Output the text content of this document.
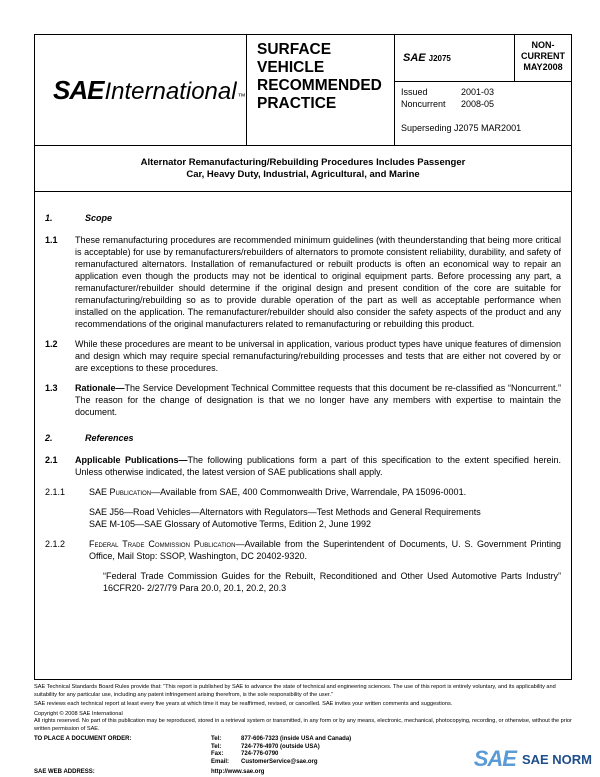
SAE International ™
SURFACE VEHICLE RECOMMENDED PRACTICE
SAE J2075
NON- CURRENT MAY2008
Issued	2001-03
Noncurrent	2008-05
Superseding J2075 MAR2001
Alternator Remanufacturing/Rebuilding Procedures Includes Passenger Car, Heavy Duty, Industrial, Agricultural, and Marine
1.	Scope
1.1	These remanufacturing procedures are recommended minimum guidelines (with theunderstanding that being more critical is acceptable) for use by remanufacturers/rebuilders of alternators to promote consistent reliability, durability, and safety of remanufactured alternators. Installation of remanufactured or rebuilt products is often an economical way to repair an application even though the products may not be identical to original equipment parts. Before processing any part, a remanufacturer/rebuilder should determine if the original design and present condition of the core are suitable for remanufacturing/rebuilding so as to provide durable operation of the part as well as acceptable performance when installed on the application. The remanufacturer/rebuilder should also consider the safety aspects of the product and any recommendations of the original manufacturers related to remanufacturing or rebuilding this product.
1.2	While these procedures are meant to be universal in application, various product types have unique features of dimension and design which may require special remanufacturing/rebuilding processes and tests that are either not covered by or are exceptions to these procedures.
1.3	Rationale—The Service Development Technical Committee requests that this document be re-classified as “Noncurrent.” The reason for the change of designation is that we no longer have any members with expertise to maintain the document.
2.	References
2.1	Applicable Publications—The following publications form a part of this specification to the extent specified herein. Unless otherwise indicated, the latest version of SAE publications shall apply.
2.1.1	SAE Publication—Available from SAE, 400 Commonwealth Drive, Warrendale, PA 15096-0001.
SAE J56—Road Vehicles—Alternators with Regulators—Test Methods and General Requirements
SAE M-105—SAE Glossary of Automotive Terms, Edition 2, June 1992
2.1.2	Federal Trade Commission Publication—Available from the Superintendent of Documents, U. S. Government Printing Office, Mail Stop: SSOP, Washington, DC 20402-9320.
“Federal Trade Commission Guides for the Rebuilt, Reconditioned and Other Used Automotive Parts Industry” 16CFR20- 2/27/79 Para 20.0, 20.1, 20.2, 20.3

SAE Technical Standards Board Rules provide that: “This report is published by SAE to advance the state of technical and engineering sciences. The use of this report is entirely voluntary, and its applicability and suitability for any particular use, including any patent infringement arising therefrom, is the sole responsibility of the user.”

SAE reviews each technical report at least every five years at which time it may be reaffirmed, revised, or cancelled. SAE invites your written comments and suggestions.

Copyright © 2008 SAE International

All rights reserved. No part of this publication may be reproduced, stored in a retrieval system or transmitted, in any form or by any means, electronic, mechanical, photocopying, recording, or otherwise, without the prior written permission of SAE.

TO PLACE A DOCUMENT ORDER:	Tel:	877-606-7323 (inside USA and Canada)
Tel:	724-776-4970 (outside USA)
Fax:	724-776-0790
Email:	CustomerService@sae.org
SAE WEB ADDRESS:	http://www.sae.org
SAE SAE NORM
